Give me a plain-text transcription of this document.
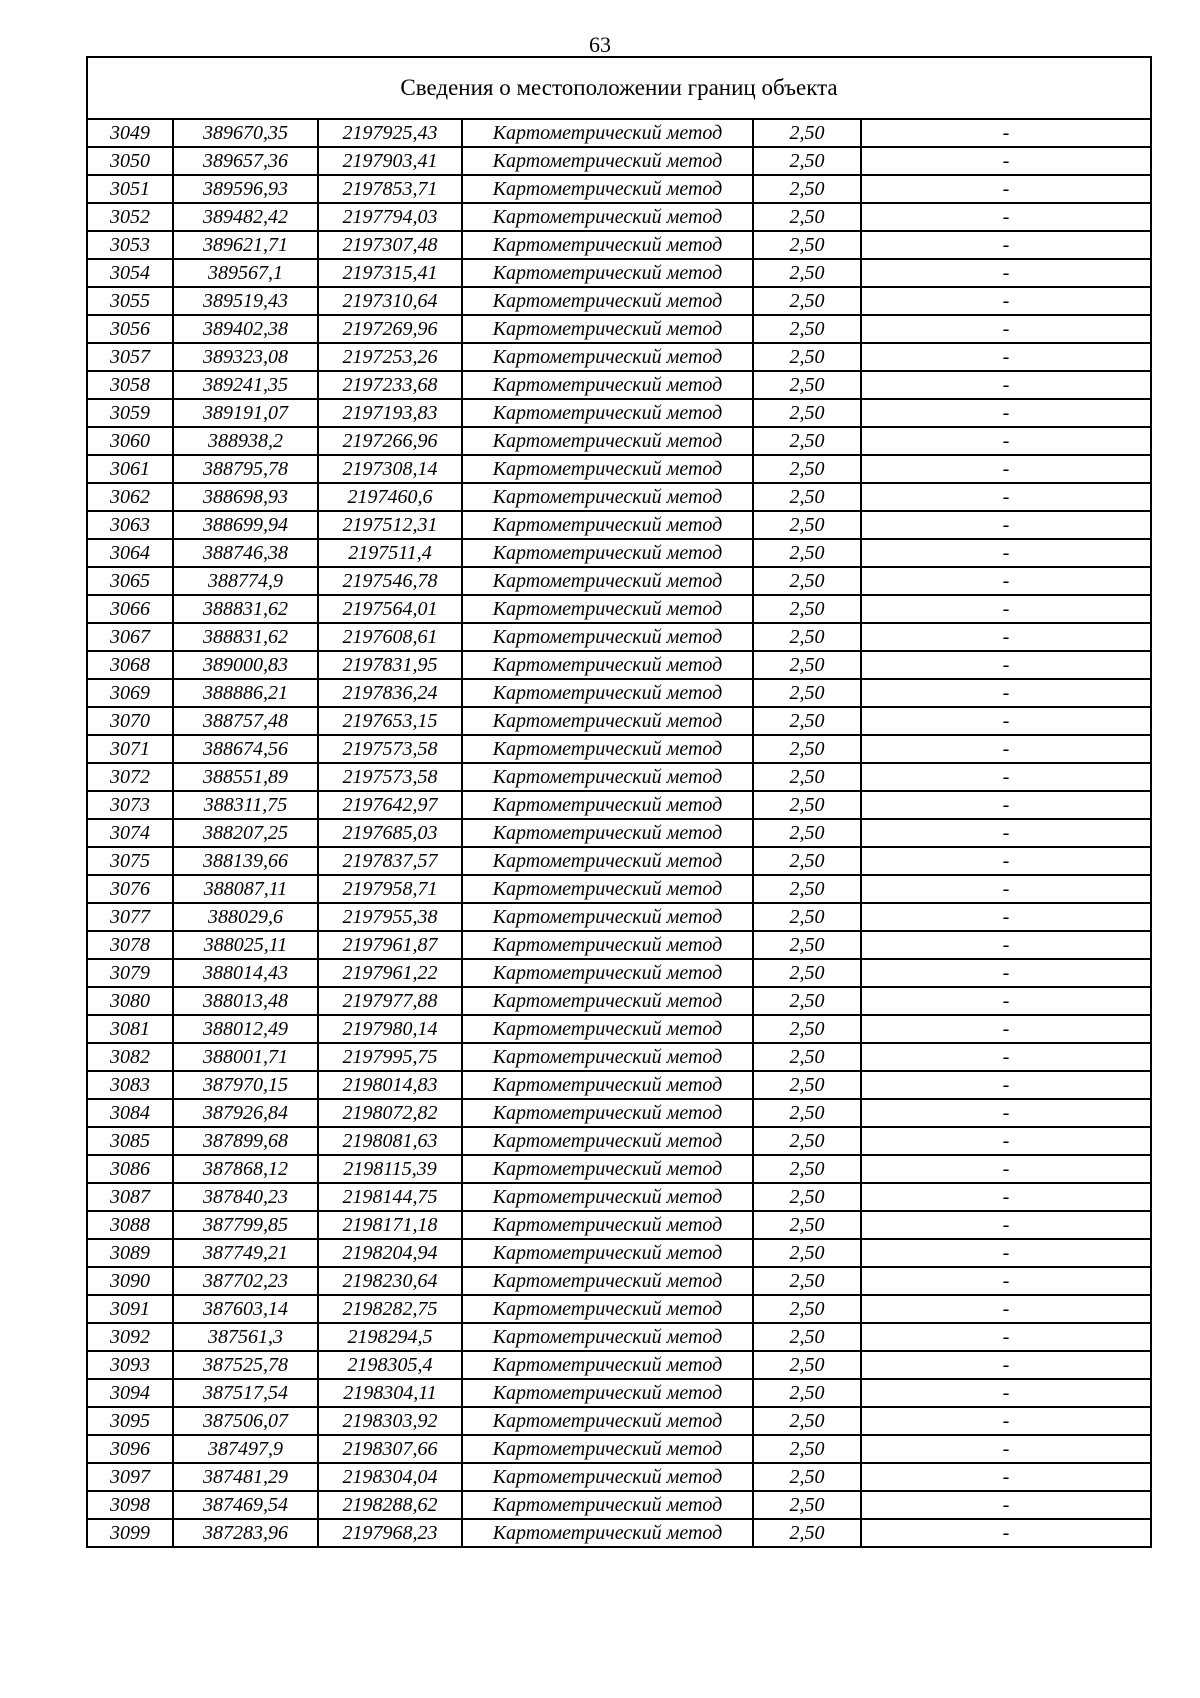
63
Сведения о местоположении границ объекта					
3049	389670,35	2197925,43	Картометрический метод	2,50	-
3050	389657,36	2197903,41	Картометрический метод	2,50	-
3051	389596,93	2197853,71	Картометрический метод	2,50	-
3052	389482,42	2197794,03	Картометрический метод	2,50	-
3053	389621,71	2197307,48	Картометрический метод	2,50	-
3054	389567,1	2197315,41	Картометрический метод	2,50	-
3055	389519,43	2197310,64	Картометрический метод	2,50	-
3056	389402,38	2197269,96	Картометрический метод	2,50	-
3057	389323,08	2197253,26	Картометрический метод	2,50	-
3058	389241,35	2197233,68	Картометрический метод	2,50	-
3059	389191,07	2197193,83	Картометрический метод	2,50	-
3060	388938,2	2197266,96	Картометрический метод	2,50	-
3061	388795,78	2197308,14	Картометрический метод	2,50	-
3062	388698,93	2197460,6	Картометрический метод	2,50	-
3063	388699,94	2197512,31	Картометрический метод	2,50	-
3064	388746,38	2197511,4	Картометрический метод	2,50	-
3065	388774,9	2197546,78	Картометрический метод	2,50	-
3066	388831,62	2197564,01	Картометрический метод	2,50	-
3067	388831,62	2197608,61	Картометрический метод	2,50	-
3068	389000,83	2197831,95	Картометрический метод	2,50	-
3069	388886,21	2197836,24	Картометрический метод	2,50	-
3070	388757,48	2197653,15	Картометрический метод	2,50	-
3071	388674,56	2197573,58	Картометрический метод	2,50	-
3072	388551,89	2197573,58	Картометрический метод	2,50	-
3073	388311,75	2197642,97	Картометрический метод	2,50	-
3074	388207,25	2197685,03	Картометрический метод	2,50	-
3075	388139,66	2197837,57	Картометрический метод	2,50	-
3076	388087,11	2197958,71	Картометрический метод	2,50	-
3077	388029,6	2197955,38	Картометрический метод	2,50	-
3078	388025,11	2197961,87	Картометрический метод	2,50	-
3079	388014,43	2197961,22	Картометрический метод	2,50	-
3080	388013,48	2197977,88	Картометрический метод	2,50	-
3081	388012,49	2197980,14	Картометрический метод	2,50	-
3082	388001,71	2197995,75	Картометрический метод	2,50	-
3083	387970,15	2198014,83	Картометрический метод	2,50	-
3084	387926,84	2198072,82	Картометрический метод	2,50	-
3085	387899,68	2198081,63	Картометрический метод	2,50	-
3086	387868,12	2198115,39	Картометрический метод	2,50	-
3087	387840,23	2198144,75	Картометрический метод	2,50	-
3088	387799,85	2198171,18	Картометрический метод	2,50	-
3089	387749,21	2198204,94	Картометрический метод	2,50	-
3090	387702,23	2198230,64	Картометрический метод	2,50	-
3091	387603,14	2198282,75	Картометрический метод	2,50	-
3092	387561,3	2198294,5	Картометрический метод	2,50	-
3093	387525,78	2198305,4	Картометрический метод	2,50	-
3094	387517,54	2198304,11	Картометрический метод	2,50	-
3095	387506,07	2198303,92	Картометрический метод	2,50	-
3096	387497,9	2198307,66	Картометрический метод	2,50	-
3097	387481,29	2198304,04	Картометрический метод	2,50	-
3098	387469,54	2198288,62	Картометрический метод	2,50	-
3099	387283,96	2197968,23	Картометрический метод	2,50	-
